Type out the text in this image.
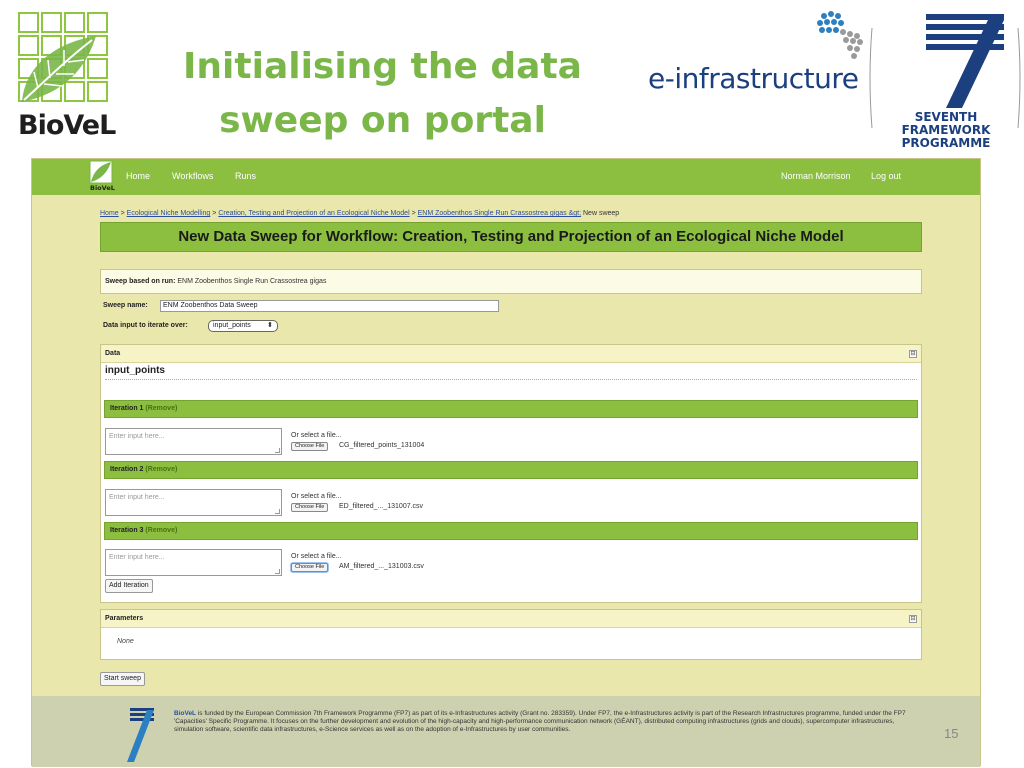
BioVeL
Initialising the data sweep on portal
e-infrastructure
SEVENTH FRAMEWORK PROGRAMME
BioVeL
Home Workflows Runs	Norman Morrison Log out
Home > Ecological Niche Modelling > Creation, Testing and Projection of an Ecological Niche Model > ENM Zoobenthos Single Run Crassostrea gigas &gt; New sweep
New Data Sweep for Workflow: Creation, Testing and Projection of an Ecological Niche Model
Sweep based on run: ENM Zoobenthos Single Run Crassostrea gigas
Sweep name:	ENM Zoobenthos Data Sweep
Data input to iterate over:	input_points ⬍
Data	⊟
input_points
Iteration 1 (Remove)
Enter input here...	Or select a file...
Choose File	CG_filtered_points_131004
Iteration 2 (Remove)
Enter input here...	Or select a file...
Choose File	ED_filtered_..._131007.csv
Iteration 3 (Remove)
Enter input here...	Or select a file...
Choose File	AM_filtered_..._131003.csv
Add Iteration
Parameters	⊟
None
Start sweep
BioVeL is funded by the European Commission 7th Framework Programme (FP7) as part of its e-Infrastructures activity (Grant no. 283359). Under FP7, the e-Infrastructures activity is part of the Research Infrastructures programme, funded under the FP7 'Capacities' Specific Programme. It focuses on the further development and evolution of the high-capacity and high-performance communication network (GÉANT), distributed computing infrastructures (grids and clouds), supercomputer infrastructures, simulation software, scientific data infrastructures, e-Science services as well as on the adoption of e-Infrastructures by user communities.	15
